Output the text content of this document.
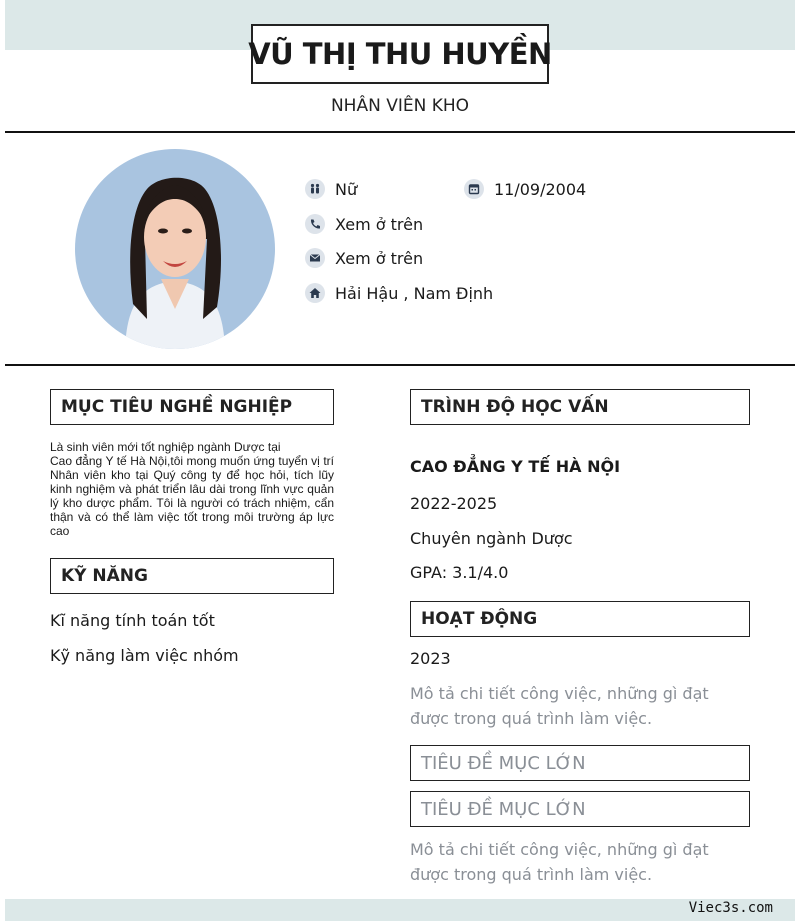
VŨ THỊ THU HUYỀN
NHÂN VIÊN KHO
Nữ	11/09/2004
Xem ở trên
Xem ở trên
Hải Hậu , Nam Định
MỤC TIÊU NGHỀ NGHIỆP
Là sinh viên mới tốt nghiệp ngành Dược tại
Cao đẳng Y tế Hà Nội,tôi mong muốn ứng tuyển vị trí Nhân viên kho tại Quý công ty để học hỏi, tích lũy kinh nghiệm và phát triển lâu dài trong lĩnh vực quản lý kho dược phẩm. Tôi là người có trách nhiệm, cẩn thận và có thể làm việc tốt trong môi trường áp lực cao
KỸ NĂNG
Kĩ năng tính toán tốt
Kỹ năng làm việc nhóm
TRÌNH ĐỘ HỌC VẤN
CAO ĐẲNG Y TẾ HÀ NỘI
2022-2025
Chuyên ngành Dược
GPA: 3.1/4.0
HOẠT ĐỘNG
2023
Mô tả chi tiết công việc, những gì đạt được trong quá trình làm việc.
TIÊU ĐỀ MỤC LỚN
TIÊU ĐỀ MỤC LỚN
Mô tả chi tiết công việc, những gì đạt được trong quá trình làm việc.
Viec3s.com
